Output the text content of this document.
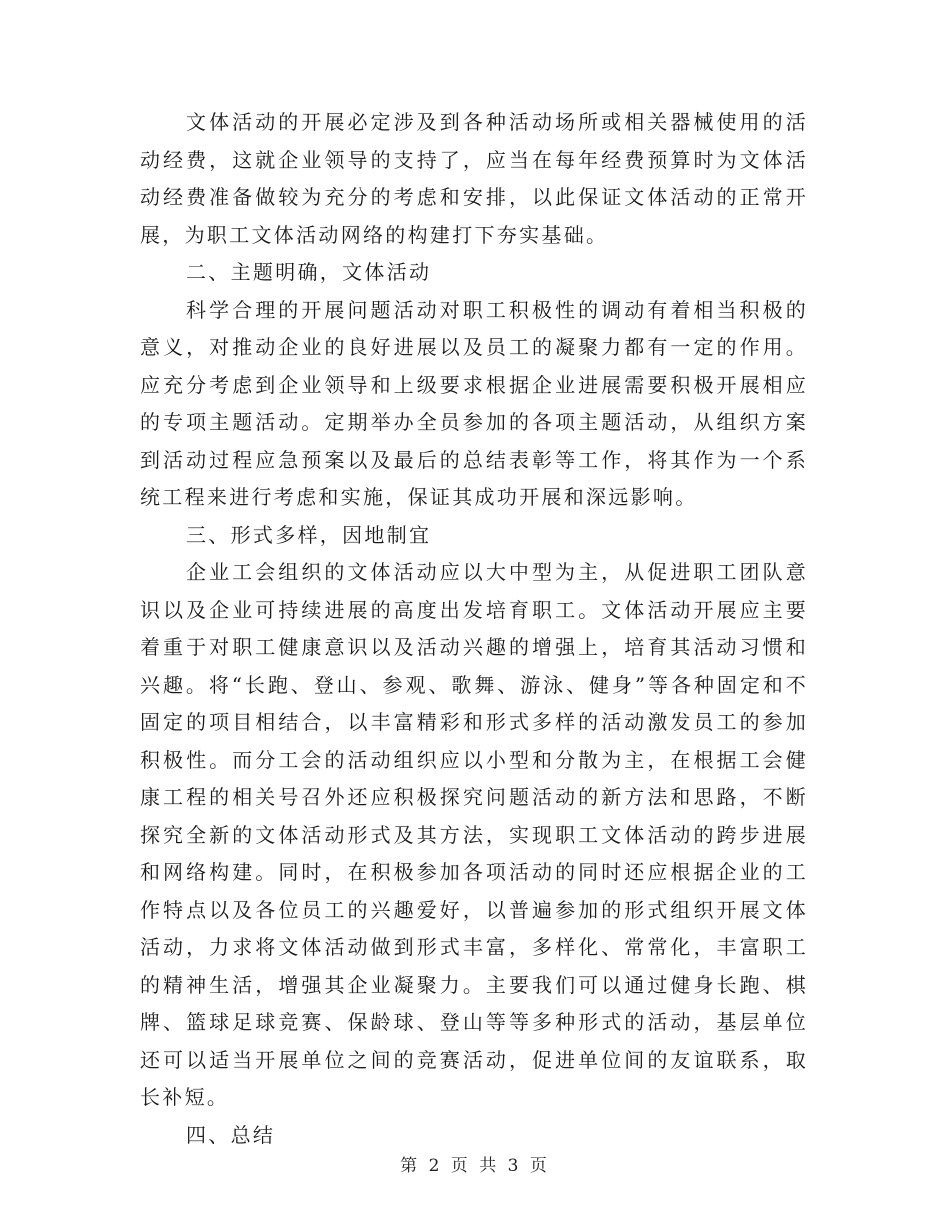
文体活动的开展必定涉及到各种活动场所或相关器械使用的活动经费，这就企业领导的支持了，应当在每年经费预算时为文体活动经费准备做较为充分的考虑和安排，以此保证文体活动的正常开展，为职工文体活动网络的构建打下夯实基础。

二、主题明确，文体活动

科学合理的开展问题活动对职工积极性的调动有着相当积极的意义，对推动企业的良好进展以及员工的凝聚力都有一定的作用。应充分考虑到企业领导和上级要求根据企业进展需要积极开展相应的专项主题活动。定期举办全员参加的各项主题活动，从组织方案到活动过程应急预案以及最后的总结表彰等工作，将其作为一个系统工程来进行考虑和实施，保证其成功开展和深远影响。

三、形式多样，因地制宜

企业工会组织的文体活动应以大中型为主，从促进职工团队意识以及企业可持续进展的高度出发培育职工。文体活动开展应主要着重于对职工健康意识以及活动兴趣的增强上，培育其活动习惯和兴趣。将“长跑、登山、参观、歌舞、游泳、健身”等各种固定和不固定的项目相结合，以丰富精彩和形式多样的活动激发员工的参加积极性。而分工会的活动组织应以小型和分散为主，在根据工会健康工程的相关号召外还应积极探究问题活动的新方法和思路，不断探究全新的文体活动形式及其方法，实现职工文体活动的跨步进展和网络构建。同时，在积极参加各项活动的同时还应根据企业的工作特点以及各位员工的兴趣爱好，以普遍参加的形式组织开展文体活动，力求将文体活动做到形式丰富，多样化、常常化，丰富职工的精神生活，增强其企业凝聚力。主要我们可以通过健身长跑、棋牌、篮球足球竞赛、保龄球、登山等等多种形式的活动，基层单位还可以适当开展单位之间的竞赛活动，促进单位间的友谊联系，取长补短。

四、总结

第 2 页 共 3 页
